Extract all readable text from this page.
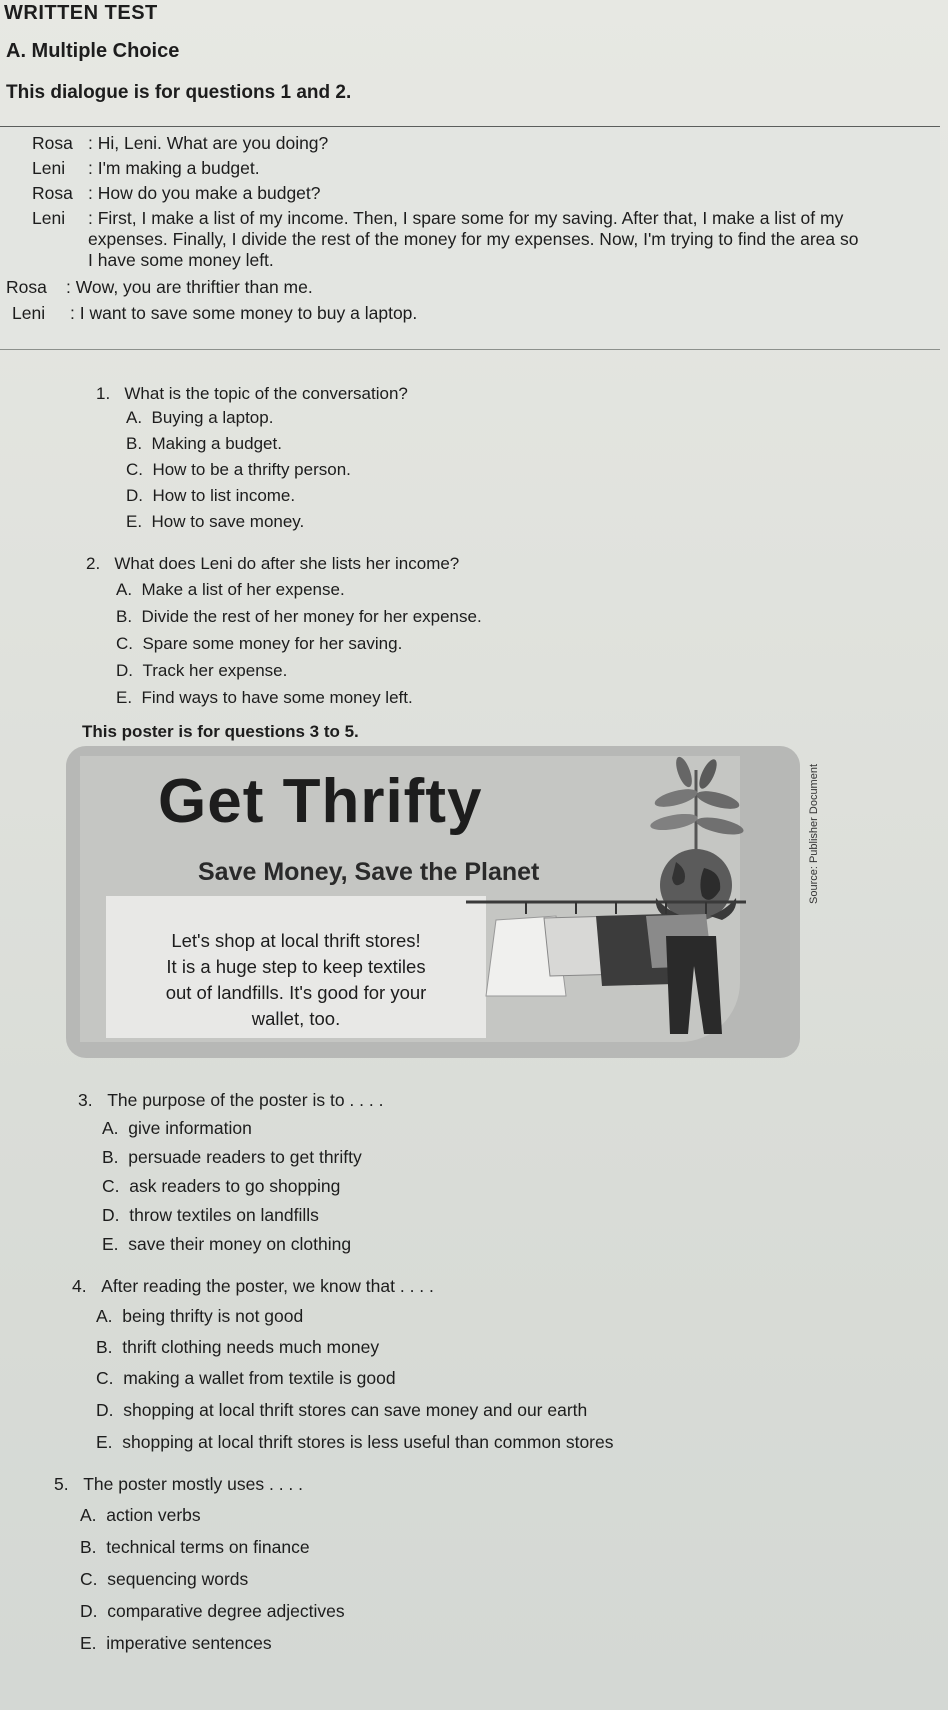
WRITTEN TEST
A. Multiple Choice
This dialogue is for questions 1 and 2.
Rosa : Hi, Leni. What are you doing?
Leni : I'm making a budget.
Rosa : How do you make a budget?
Leni : First, I make a list of my income. Then, I spare some for my saving. After that, I make a list of my
expenses. Finally, I divide the rest of the money for my expenses. Now, I'm trying to find the area so
I have some money left.
Rosa : Wow, you are thriftier than me.
Leni : I want to save some money to buy a laptop.
1. What is the topic of the conversation?
A. Buying a laptop.
B. Making a budget.
C. How to be a thrifty person.
D. How to list income.
E. How to save money.
2. What does Leni do after she lists her income?
A. Make a list of her expense.
B. Divide the rest of her money for her expense.
C. Spare some money for her saving.
D. Track her expense.
E. Find ways to have some money left.
This poster is for questions 3 to 5.
Get Thrifty
Save Money, Save the Planet
Let's shop at local thrift stores!
It is a huge step to keep textiles
out of landfills. It's good for your
wallet, too.
Source: Publisher Document
3. The purpose of the poster is to . . . .
A. give information
B. persuade readers to get thrifty
C. ask readers to go shopping
D. throw textiles on landfills
E. save their money on clothing
4. After reading the poster, we know that . . . .
A. being thrifty is not good
B. thrift clothing needs much money
C. making a wallet from textile is good
D. shopping at local thrift stores can save money and our earth
E. shopping at local thrift stores is less useful than common stores
5. The poster mostly uses . . . .
A. action verbs
B. technical terms on finance
C. sequencing words
D. comparative degree adjectives
E. imperative sentences
